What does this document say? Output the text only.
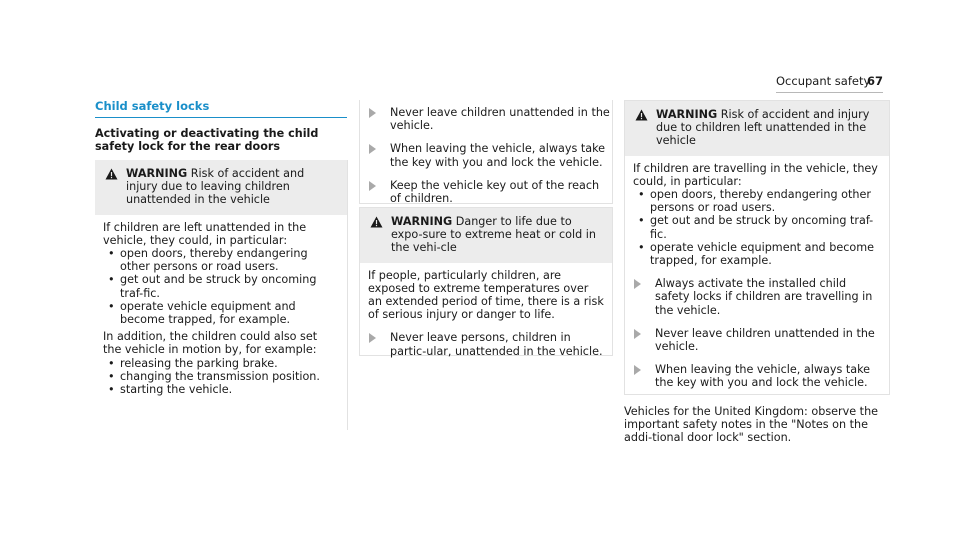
Occupant safety
67
Child safety locks
Activating or deactivating the child safety lock for the rear doors
WARNING Risk of accident and injury due to leaving children unattended in the vehicle

If children are left unattended in the vehicle, they could, in particular:

• open doors, thereby endangering other persons or road users.
• get out and be struck by oncoming traf-fic.
• operate vehicle equipment and become trapped, for example.

In addition, the children could also set the vehicle in motion by, for example:

• releasing the parking brake.
• changing the transmission position.
• starting the vehicle.
Never leave children unattended in the vehicle.
When leaving the vehicle, always take the key with you and lock the vehicle.
Keep the vehicle key out of the reach of children.
WARNING Danger to life due to expo-sure to extreme heat or cold in the vehi-cle

If people, particularly children, are exposed to extreme temperatures over an extended period of time, there is a risk of serious injury or danger to life.

Never leave persons, children in partic-ular, unattended in the vehicle.
WARNING Risk of accident and injury due to children left unattended in the vehicle

If children are travelling in the vehicle, they could, in particular:

• open doors, thereby endangering other persons or road users.
• get out and be struck by oncoming traf-fic.
• operate vehicle equipment and become trapped, for example.
Always activate the installed child safety locks if children are travelling in the vehicle.
Never leave children unattended in the vehicle.
When leaving the vehicle, always take the key with you and lock the vehicle.
Vehicles for the United Kingdom: observe the important safety notes in the "Notes on the addi-tional door lock" section.
